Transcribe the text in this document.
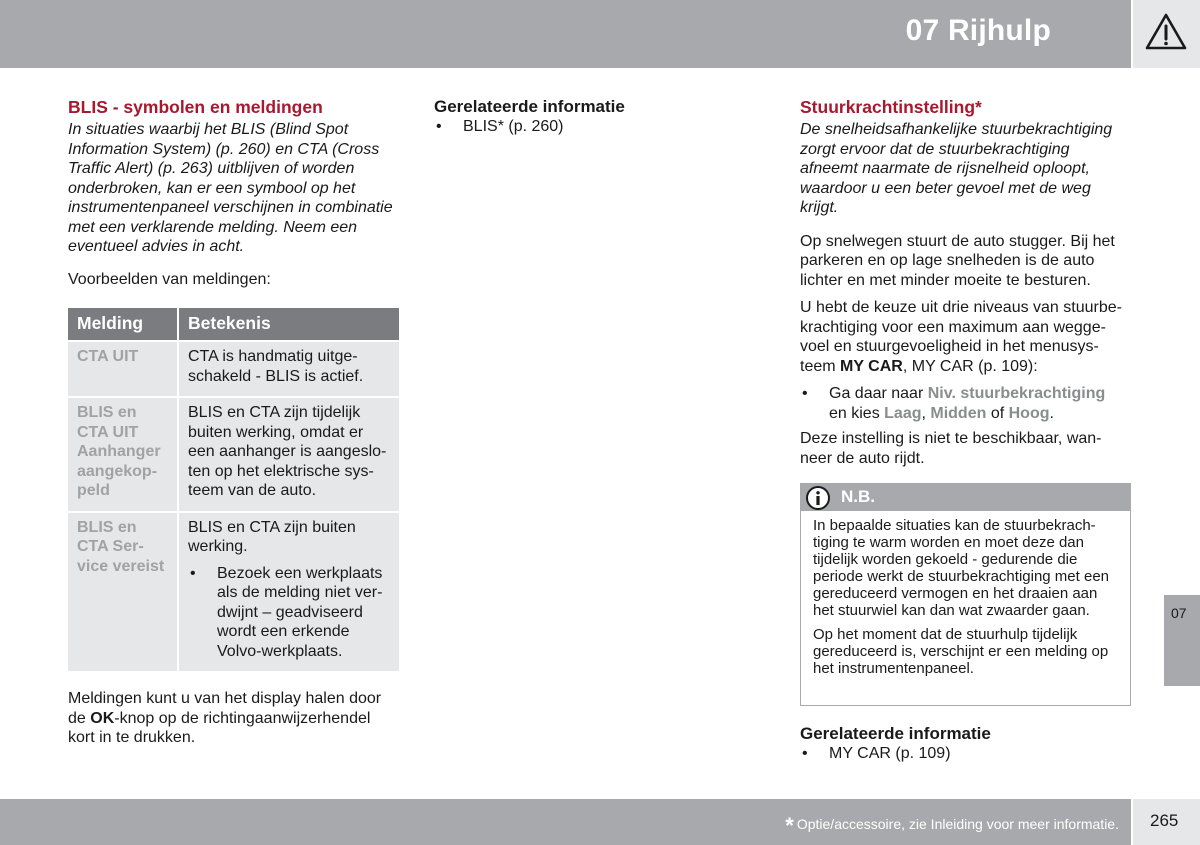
07 Rijhulp

BLIS - symbolen en meldingen

In situaties waarbij het BLIS (Blind Spot Information System) (p. 260) en CTA (Cross Traffic Alert) (p. 263) uitblijven of worden onderbroken, kan er een symbool op het instrumentenpaneel verschijnen in combinatie met een verklarende melding. Neem een eventueel advies in acht.

Voorbeelden van meldingen:

Melding	Betekenis
CTA UIT	CTA is handmatig uitge-schakeld - BLIS is actief.
BLIS en CTA UIT Aanhanger aangekop-peld	BLIS en CTA zijn tijdelijk buiten werking, omdat er een aanhanger is aangeslo-ten op het elektrische sys-teem van de auto.
BLIS en CTA Ser-vice vereist	BLIS en CTA zijn buiten werking.

• Bezoek een werkplaats als de melding niet ver-dwijnt – geadviseerd wordt een erkende Volvo-werkplaats.

Meldingen kunt u van het display halen door de OK-knop op de richtingaanwijzerhendel kort in te drukken.

Gerelateerde informatie

• BLIS* (p. 260)

Stuurkrachtinstelling*

De snelheidsafhankelijke stuurbekrachtiging zorgt ervoor dat de stuurbekrachtiging afneemt naarmate de rijsnelheid oploopt, waardoor u een beter gevoel met de weg krijgt.

Op snelwegen stuurt de auto stugger. Bij het parkeren en op lage snelheden is de auto lichter en met minder moeite te besturen.

U hebt de keuze uit drie niveaus van stuurbe-krachtiging voor een maximum aan wegge-voel en stuurgevoeligheid in het menusys-teem MY CAR, MY CAR (p. 109):

• Ga daar naar Niv. stuurbekrachtiging
en kies Laag, Midden of Hoog.

Deze instelling is niet te beschikbaar, wan-neer de auto rijdt.

N.B.

In bepaalde situaties kan de stuurbekrach-tiging te warm worden en moet deze dan tijdelijk worden gekoeld - gedurende die periode werkt de stuurbekrachtiging met een gereduceerd vermogen en het draaien aan het stuurwiel kan dan wat zwaarder gaan.

Op het moment dat de stuurhulp tijdelijk gereduceerd is, verschijnt er een melding op het instrumentenpaneel.

Gerelateerde informatie

• MY CAR (p. 109)
07
* Optie/accessoire, zie Inleiding voor meer informatie. 265
